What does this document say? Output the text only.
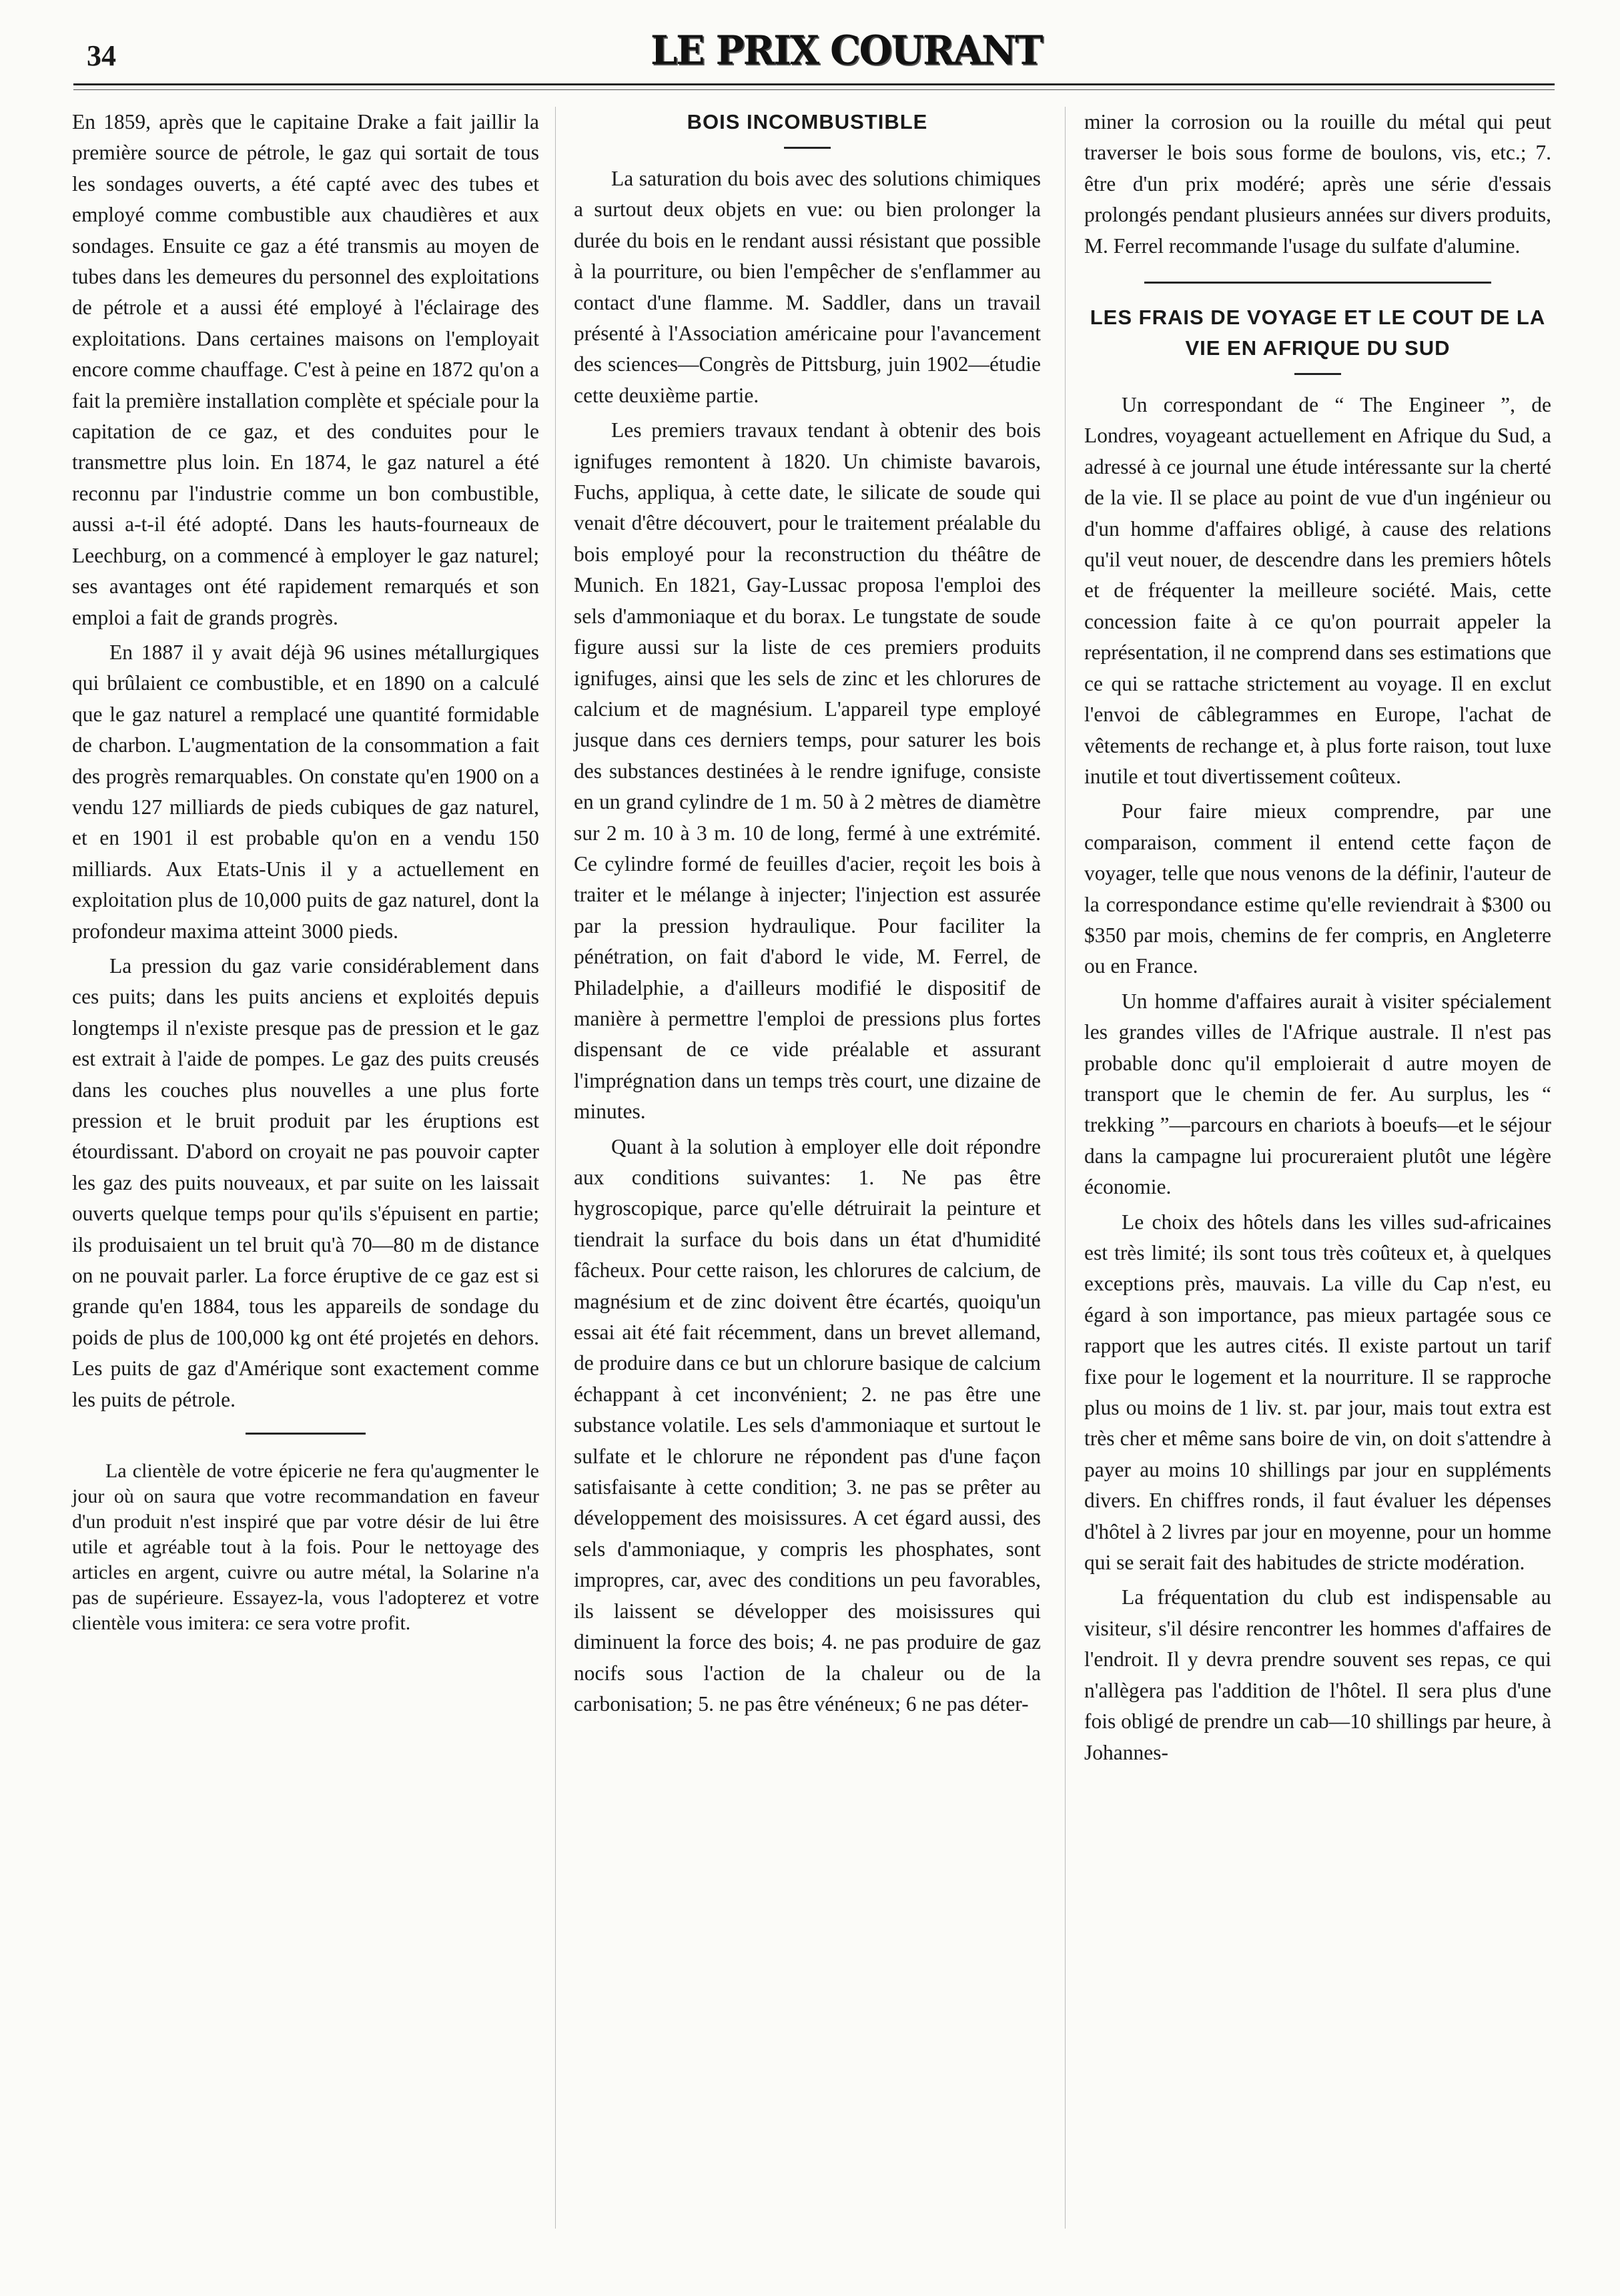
34	LE PRIX COURANT

En 1859, après que le capitaine Drake a fait jaillir la première source de pétrole, le gaz qui sortait de tous les sondages ouverts, a été capté avec des tubes et employé comme combustible aux chaudières et aux sondages. Ensuite ce gaz a été transmis au moyen de tubes dans les demeures du personnel des exploitations de pétrole et a aussi été employé à l'éclairage des exploitations. Dans certaines maisons on l'employait encore comme chauffage. C'est à peine en 1872 qu'on a fait la première installation complète et spéciale pour la capitation de ce gaz, et des conduites pour le transmettre plus loin. En 1874, le gaz naturel a été reconnu par l'industrie comme un bon combustible, aussi a-t-il été adopté. Dans les hauts-fourneaux de Leechburg, on a commencé à employer le gaz naturel; ses avantages ont été rapidement remarqués et son emploi a fait de grands progrès.

En 1887 il y avait déjà 96 usines métallurgiques qui brûlaient ce combustible, et en 1890 on a calculé que le gaz naturel a remplacé une quantité formidable de charbon. L'augmentation de la consommation a fait des progrès remarquables. On constate qu'en 1900 on a vendu 127 milliards de pieds cubiques de gaz naturel, et en 1901 il est probable qu'on en a vendu 150 milliards. Aux Etats-Unis il y a actuellement en exploitation plus de 10,000 puits de gaz naturel, dont la profondeur maxima atteint 3000 pieds.

La pression du gaz varie considérablement dans ces puits; dans les puits anciens et exploités depuis longtemps il n'existe presque pas de pression et le gaz est extrait à l'aide de pompes. Le gaz des puits creusés dans les couches plus nouvelles a une plus forte pression et le bruit produit par les éruptions est étourdissant. D'abord on croyait ne pas pouvoir capter les gaz des puits nouveaux, et par suite on les laissait ouverts quelque temps pour qu'ils s'épuisent en partie; ils produisaient un tel bruit qu'à 70—80 m de distance on ne pouvait parler. La force éruptive de ce gaz est si grande qu'en 1884, tous les appareils de sondage du poids de plus de 100,000 kg ont été projetés en dehors. Les puits de gaz d'Amérique sont exactement comme les puits de pétrole.

La clientèle de votre épicerie ne fera qu'augmenter le jour où on saura que votre recommandation en faveur d'un produit n'est inspiré que par votre désir de lui être utile et agréable tout à la fois. Pour le nettoyage des articles en argent, cuivre ou autre métal, la Solarine n'a pas de supérieure. Essayez-la, vous l'adopterez et votre clientèle vous imitera: ce sera votre profit.

BOIS INCOMBUSTIBLE

La saturation du bois avec des solutions chimiques a surtout deux objets en vue: ou bien prolonger la durée du bois en le rendant aussi résistant que possible à la pourriture, ou bien l'empêcher de s'enflammer au contact d'une flamme. M. Saddler, dans un travail présenté à l'Association américaine pour l'avancement des sciences—Congrès de Pittsburg, juin 1902—étudie cette deuxième partie.

Les premiers travaux tendant à obtenir des bois ignifuges remontent à 1820. Un chimiste bavarois, Fuchs, appliqua, à cette date, le silicate de soude qui venait d'être découvert, pour le traitement préalable du bois employé pour la reconstruction du théâtre de Munich. En 1821, Gay-Lussac proposa l'emploi des sels d'ammoniaque et du borax. Le tungstate de soude figure aussi sur la liste de ces premiers produits ignifuges, ainsi que les sels de zinc et les chlorures de calcium et de magnésium. L'appareil type employé jusque dans ces derniers temps, pour saturer les bois des substances destinées à le rendre ignifuge, consiste en un grand cylindre de 1 m. 50 à 2 mètres de diamètre sur 2 m. 10 à 3 m. 10 de long, fermé à une extrémité. Ce cylindre formé de feuilles d'acier, reçoit les bois à traiter et le mélange à injecter; l'injection est assurée par la pression hydraulique. Pour faciliter la pénétration, on fait d'abord le vide, M. Ferrel, de Philadelphie, a d'ailleurs modifié le dispositif de manière à permettre l'emploi de pressions plus fortes dispensant de ce vide préalable et assurant l'imprégnation dans un temps très court, une dizaine de minutes.

Quant à la solution à employer elle doit répondre aux conditions suivantes: 1. Ne pas être hygroscopique, parce qu'elle détruirait la peinture et tiendrait la surface du bois dans un état d'humidité fâcheux. Pour cette raison, les chlorures de calcium, de magnésium et de zinc doivent être écartés, quoiqu'un essai ait été fait récemment, dans un brevet allemand, de produire dans ce but un chlorure basique de calcium échappant à cet inconvénient; 2. ne pas être une substance volatile. Les sels d'ammoniaque et surtout le sulfate et le chlorure ne répondent pas d'une façon satisfaisante à cette condition; 3. ne pas se prêter au développement des moisissures. A cet égard aussi, des sels d'ammoniaque, y compris les phosphates, sont impropres, car, avec des conditions un peu favorables, ils laissent se développer des moisissures qui diminuent la force des bois; 4. ne pas produire de gaz nocifs sous l'action de la chaleur ou de la carbonisation; 5. ne pas être vénéneux; 6 ne pas déter-

miner la corrosion ou la rouille du métal qui peut traverser le bois sous forme de boulons, vis, etc.; 7. être d'un prix modéré; après une série d'essais prolongés pendant plusieurs années sur divers produits, M. Ferrel recommande l'usage du sulfate d'alumine.

LES FRAIS DE VOYAGE ET LE COUT DE LA VIE EN AFRIQUE DU SUD

Un correspondant de “ The Engineer ”, de Londres, voyageant actuellement en Afrique du Sud, a adressé à ce journal une étude intéressante sur la cherté de la vie. Il se place au point de vue d'un ingénieur ou d'un homme d'affaires obligé, à cause des relations qu'il veut nouer, de descendre dans les premiers hôtels et de fréquenter la meilleure société. Mais, cette concession faite à ce qu'on pourrait appeler la représentation, il ne comprend dans ses estimations que ce qui se rattache strictement au voyage. Il en exclut l'envoi de câblegrammes en Europe, l'achat de vêtements de rechange et, à plus forte raison, tout luxe inutile et tout divertissement coûteux.

Pour faire mieux comprendre, par une comparaison, comment il entend cette façon de voyager, telle que nous venons de la définir, l'auteur de la correspondance estime qu'elle reviendrait à $300 ou $350 par mois, chemins de fer compris, en Angleterre ou en France.

Un homme d'affaires aurait à visiter spécialement les grandes villes de l'Afrique australe. Il n'est pas probable donc qu'il emploierait d autre moyen de transport que le chemin de fer. Au surplus, les “ trekking ”—parcours en chariots à boeufs—et le séjour dans la campagne lui procureraient plutôt une légère économie.

Le choix des hôtels dans les villes sud-africaines est très limité; ils sont tous très coûteux et, à quelques exceptions près, mauvais. La ville du Cap n'est, eu égard à son importance, pas mieux partagée sous ce rapport que les autres cités. Il existe partout un tarif fixe pour le logement et la nourriture. Il se rapproche plus ou moins de 1 liv. st. par jour, mais tout extra est très cher et même sans boire de vin, on doit s'attendre à payer au moins 10 shillings par jour en suppléments divers. En chiffres ronds, il faut évaluer les dépenses d'hôtel à 2 livres par jour en moyenne, pour un homme qui se serait fait des habitudes de stricte modération.

La fréquentation du club est indispensable au visiteur, s'il désire rencontrer les hommes d'affaires de l'endroit. Il y devra prendre souvent ses repas, ce qui n'allègera pas l'addition de l'hôtel. Il sera plus d'une fois obligé de prendre un cab—10 shillings par heure, à Johannes-
